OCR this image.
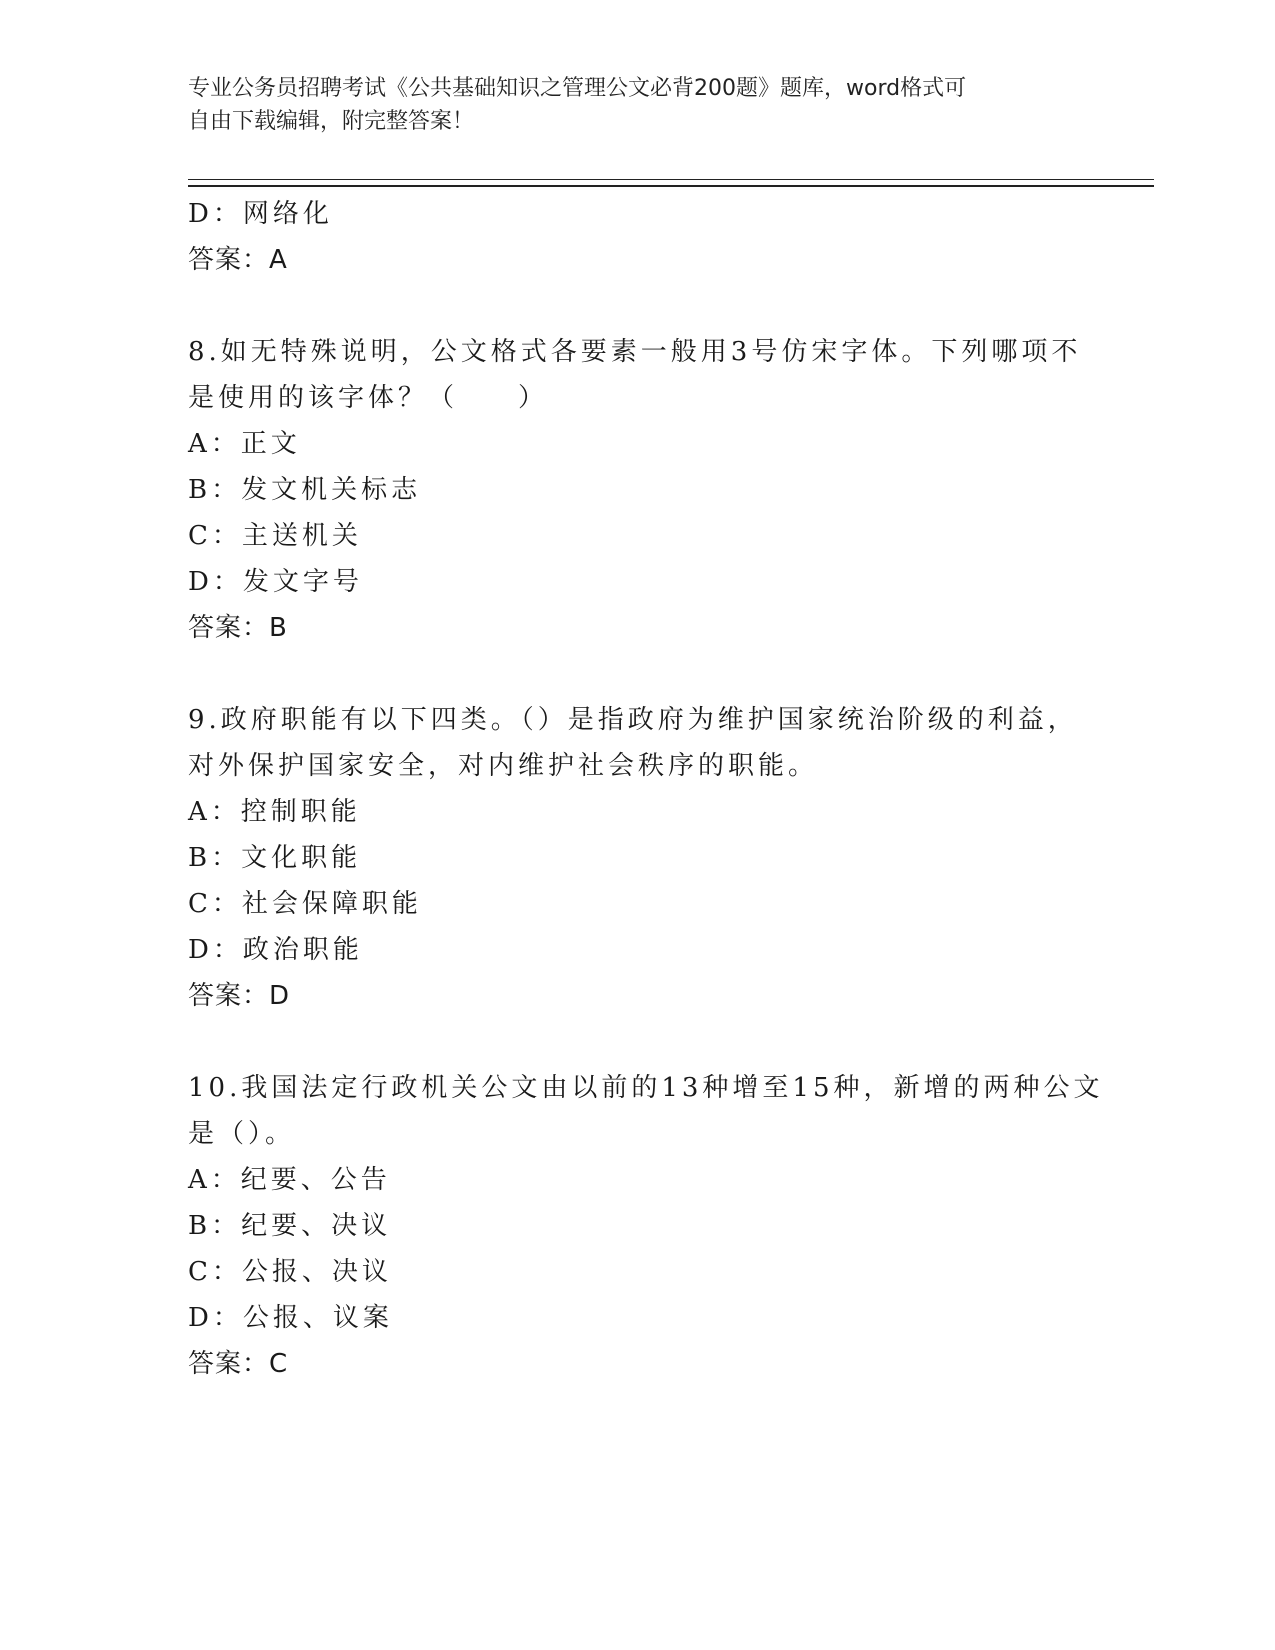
专业公务员招聘考试《公共基础知识之管理公文必背200题》题库，word格式可
自由下载编辑，附完整答案！
D：网络化
答案：A
8.如无特殊说明，公文格式各要素一般用3号仿宋字体。下列哪项不
是使用的该字体？（　　）
A：正文
B：发文机关标志
C：主送机关
D：发文字号
答案：B
9.政府职能有以下四类。（）是指政府为维护国家统治阶级的利益，
对外保护国家安全，对内维护社会秩序的职能。
A：控制职能
B：文化职能
C：社会保障职能
D：政治职能
答案：D
10.我国法定行政机关公文由以前的13种增至15种，新增的两种公文
是（）。
A：纪要、公告
B：纪要、决议
C：公报、决议
D：公报、议案
答案：C
